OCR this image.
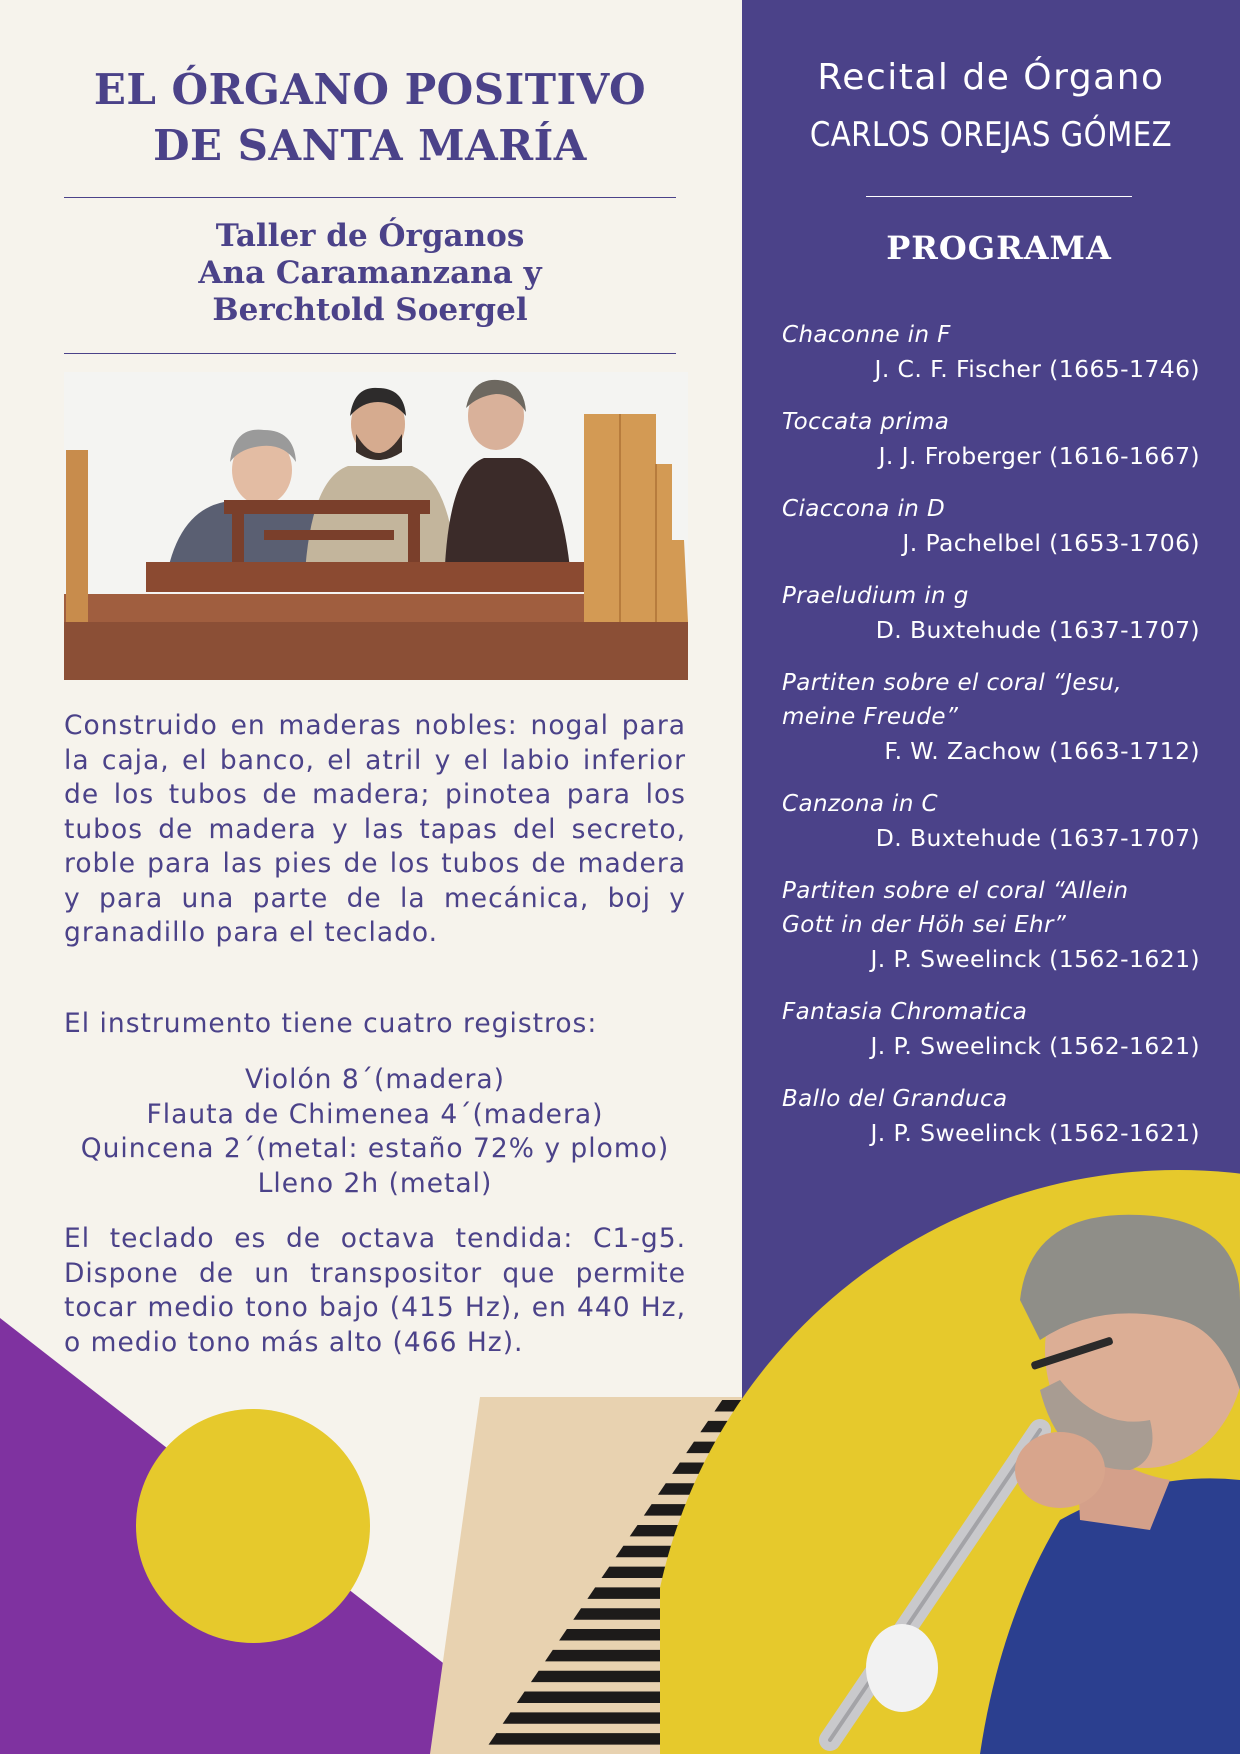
EL ÓRGANO POSITIVO
DE SANTA MARÍA
Taller de Órganos
Ana Caramanzana y
Berchtold Soergel

Construido en maderas nobles: nogal para la caja, el banco, el atril y el labio inferior de los tubos de madera; pinotea para los tubos de madera y las tapas del secreto, roble para las pies de los tubos de madera y para una parte de la mecánica, boj y granadillo para el teclado.

El instrumento tiene cuatro registros:

Violón 8´(madera)
Flauta de Chimenea 4´(madera)
Quincena 2´(metal: estaño 72% y plomo)
Lleno 2h (metal)

El teclado es de octava tendida: C1-g5. Dispone de un transpositor que permite tocar medio tono bajo (415 Hz), en 440 Hz, o medio tono más alto (466 Hz).

Recital de Órgano
CARLOS OREJAS GÓMEZ
PROGRAMA
Chaconne in F
J. C. F. Fischer (1665-1746)
Toccata prima
J. J. Froberger (1616-1667)
Ciaccona in D
J. Pachelbel (1653-1706)
Praeludium in g
D. Buxtehude (1637-1707)
Partiten sobre el coral “Jesu, meine Freude”
F. W. Zachow (1663-1712)
Canzona in C
D. Buxtehude (1637-1707)
Partiten sobre el coral “Allein Gott in der Höh sei Ehr”
J. P. Sweelinck (1562-1621)
Fantasia Chromatica
J. P. Sweelinck (1562-1621)
Ballo del Granduca
J. P. Sweelinck (1562-1621)
